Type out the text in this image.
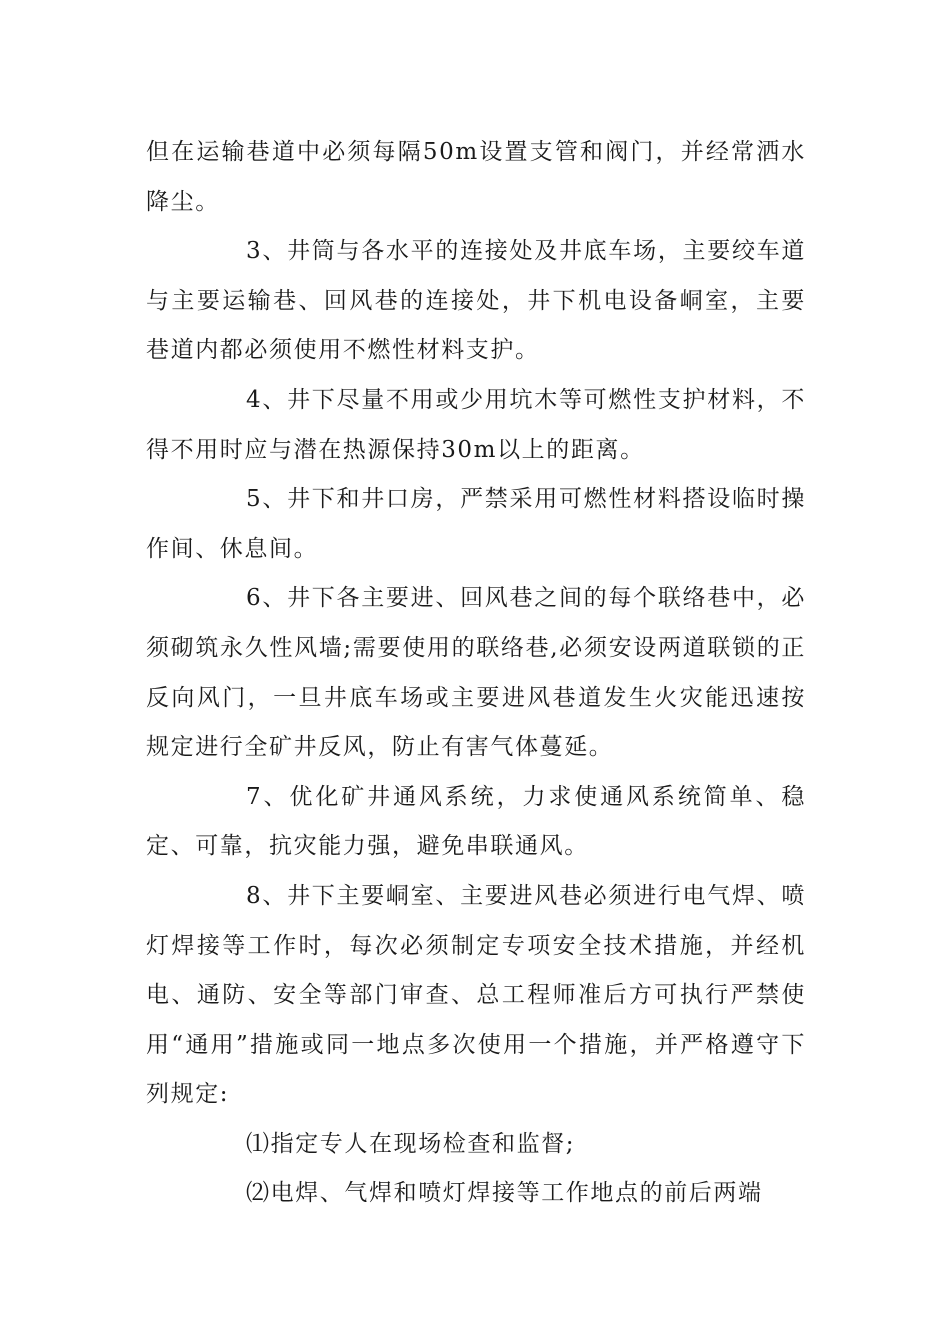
但在运输巷道中必须每隔50m设置支管和阀门，并经常洒水降尘。

3、井筒与各水平的连接处及井底车场，主要绞车道与主要运输巷、回风巷的连接处，井下机电设备峒室，主要巷道内都必须使用不燃性材料支护。

4、井下尽量不用或少用坑木等可燃性支护材料，不得不用时应与潜在热源保持30m以上的距离。

5、井下和井口房，严禁采用可燃性材料搭设临时操作间、休息间。

6、井下各主要进、回风巷之间的每个联络巷中，必须砌筑永久性风墙;需要使用的联络巷,必须安设两道联锁的正反向风门，一旦井底车场或主要进风巷道发生火灾能迅速按规定进行全矿井反风，防止有害气体蔓延。

7、优化矿井通风系统，力求使通风系统简单、稳定、可靠，抗灾能力强，避免串联通风。

8、井下主要峒室、主要进风巷必须进行电气焊、喷灯焊接等工作时，每次必须制定专项安全技术措施，并经机电、通防、安全等部门审查、总工程师准后方可执行严禁使用“通用”措施或同一地点多次使用一个措施，并严格遵守下列规定:

⑴指定专人在现场检查和监督;

⑵电焊、气焊和喷灯焊接等工作地点的前后两端
